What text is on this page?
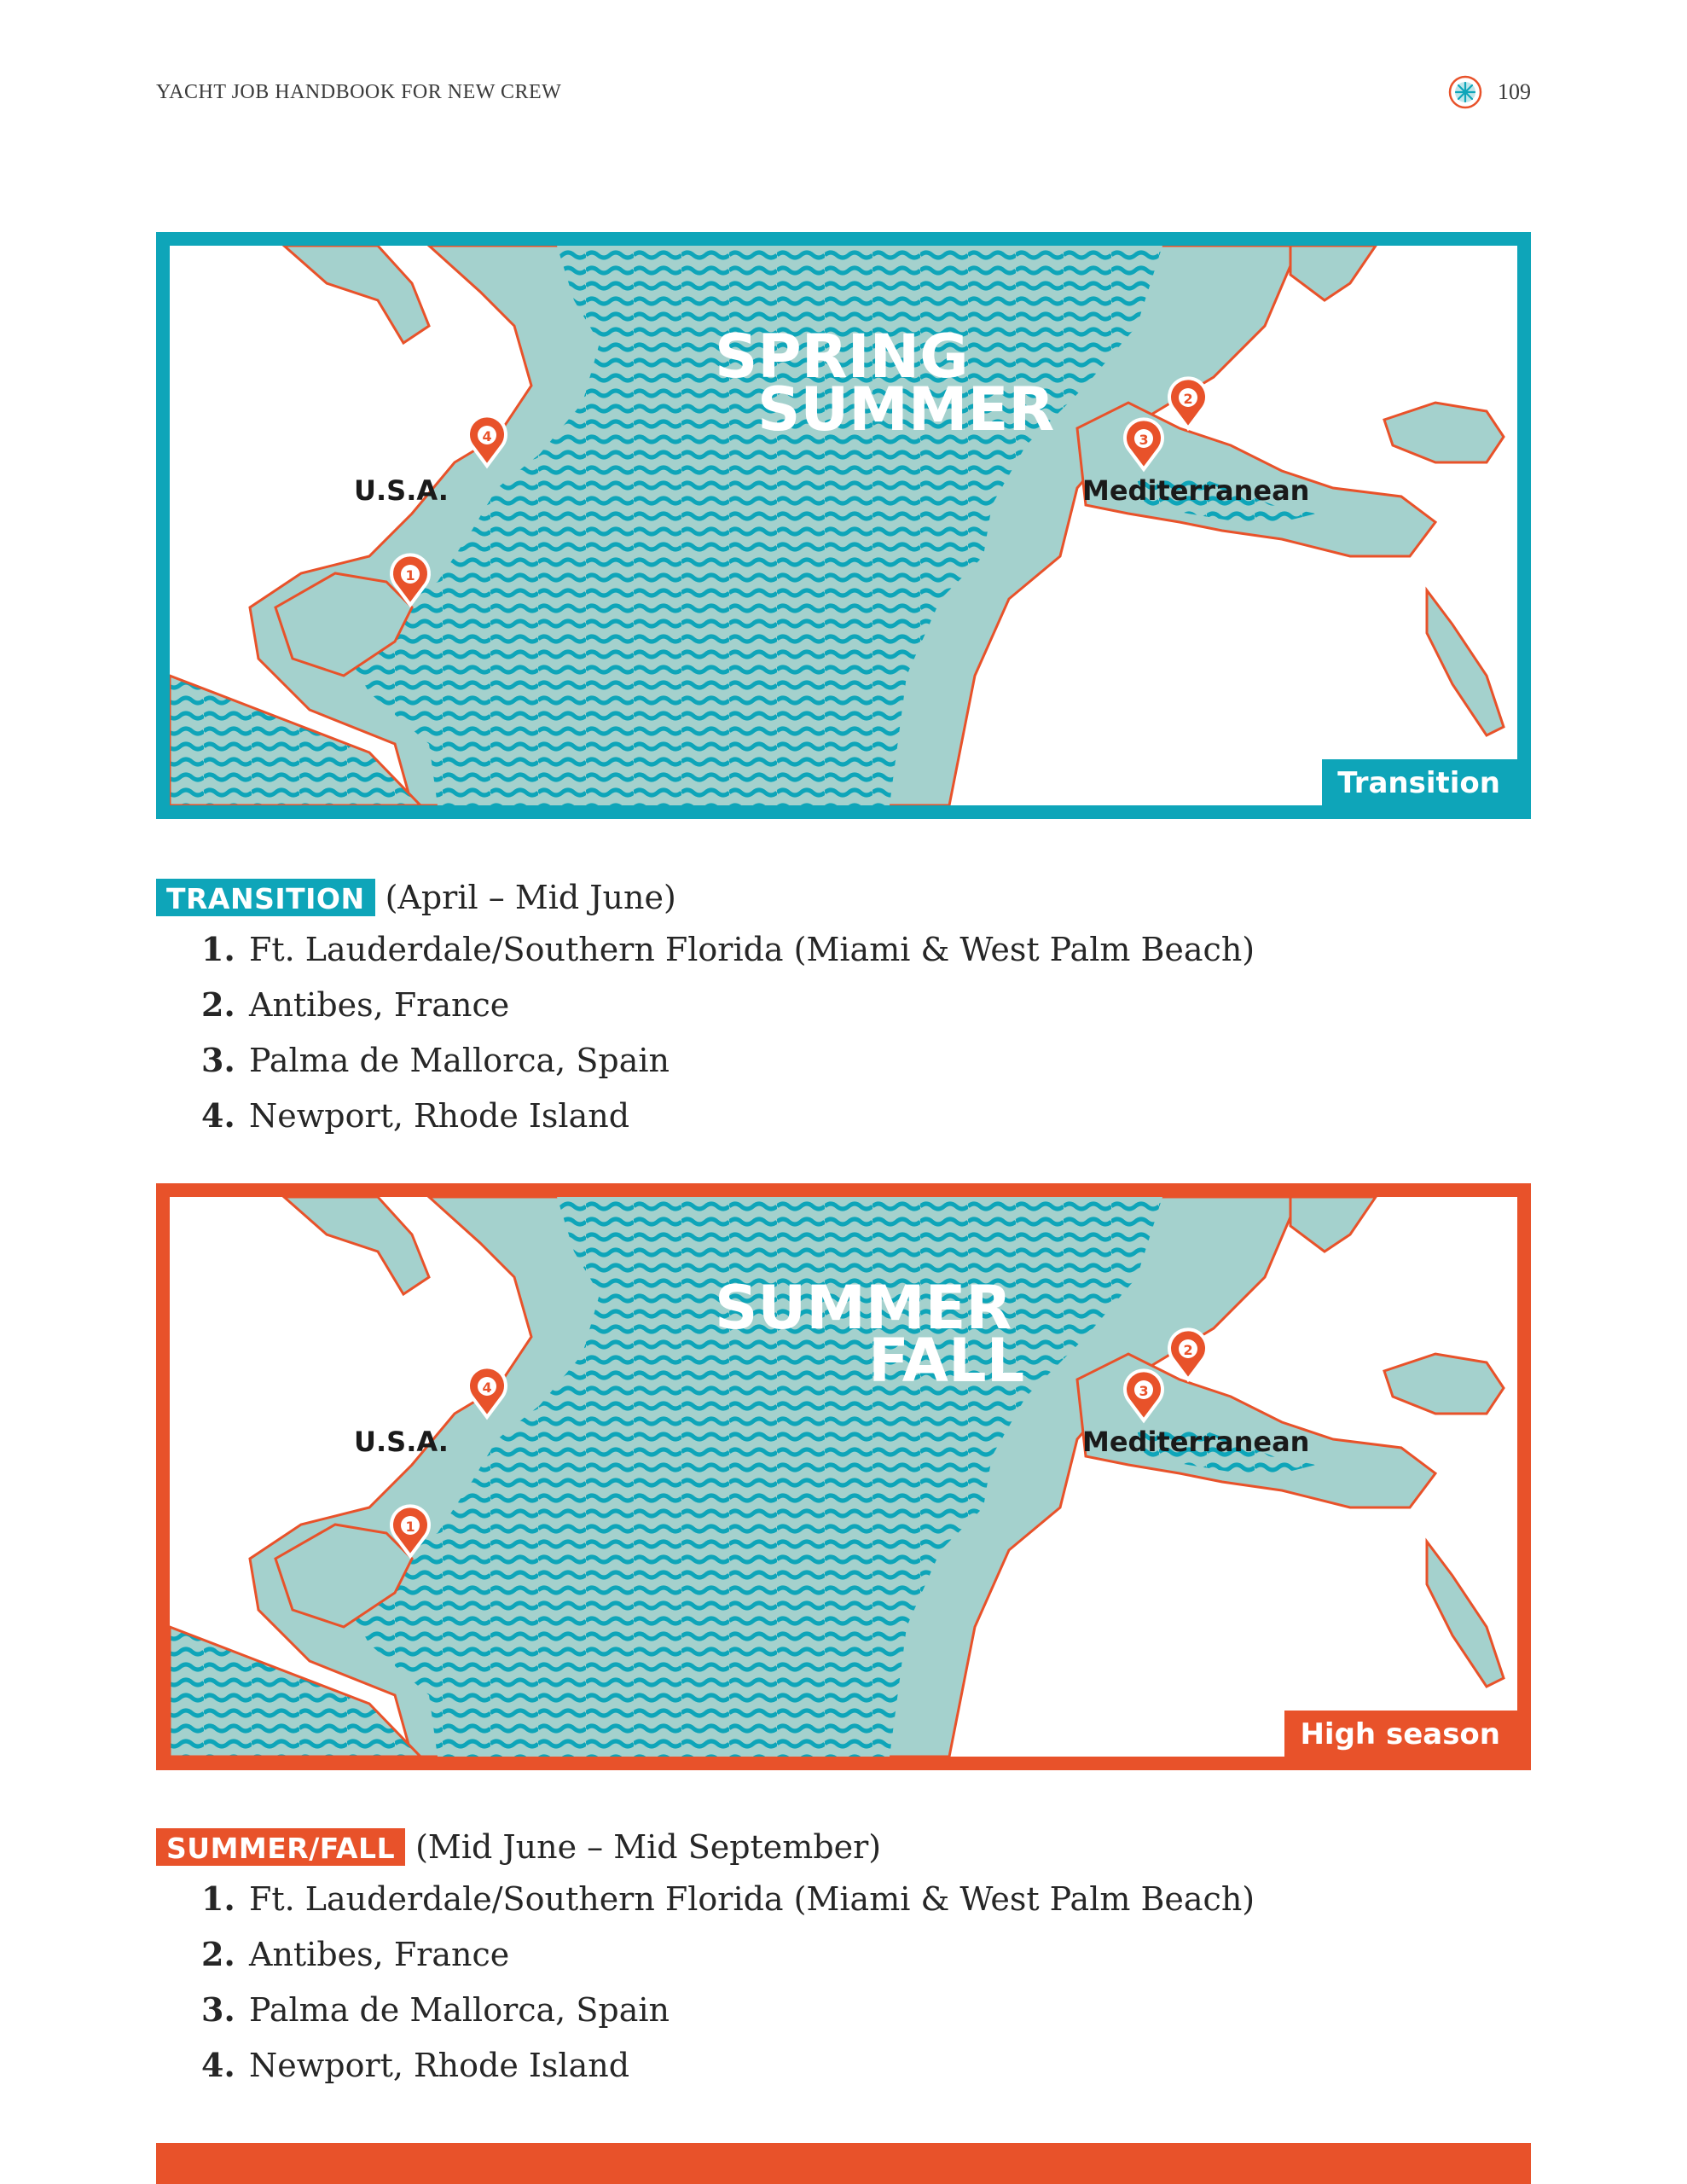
YACHT JOB HANDBOOK FOR NEW CREW	109
SPRING
SUMMER
U.S.A.	Mediterranean
4
1
2
3
Transition
TRANSITION (April – Mid June)
1. Ft. Lauderdale/Southern Florida (Miami & West Palm Beach)
2. Antibes, France
3. Palma de Mallorca, Spain
4. Newport, Rhode Island
SUMMER
FALL
U.S.A.	Mediterranean
4
1
2
3
High season
SUMMER/FALL (Mid June – Mid September)
1. Ft. Lauderdale/Southern Florida (Miami & West Palm Beach)
2. Antibes, France
3. Palma de Mallorca, Spain
4. Newport, Rhode Island
